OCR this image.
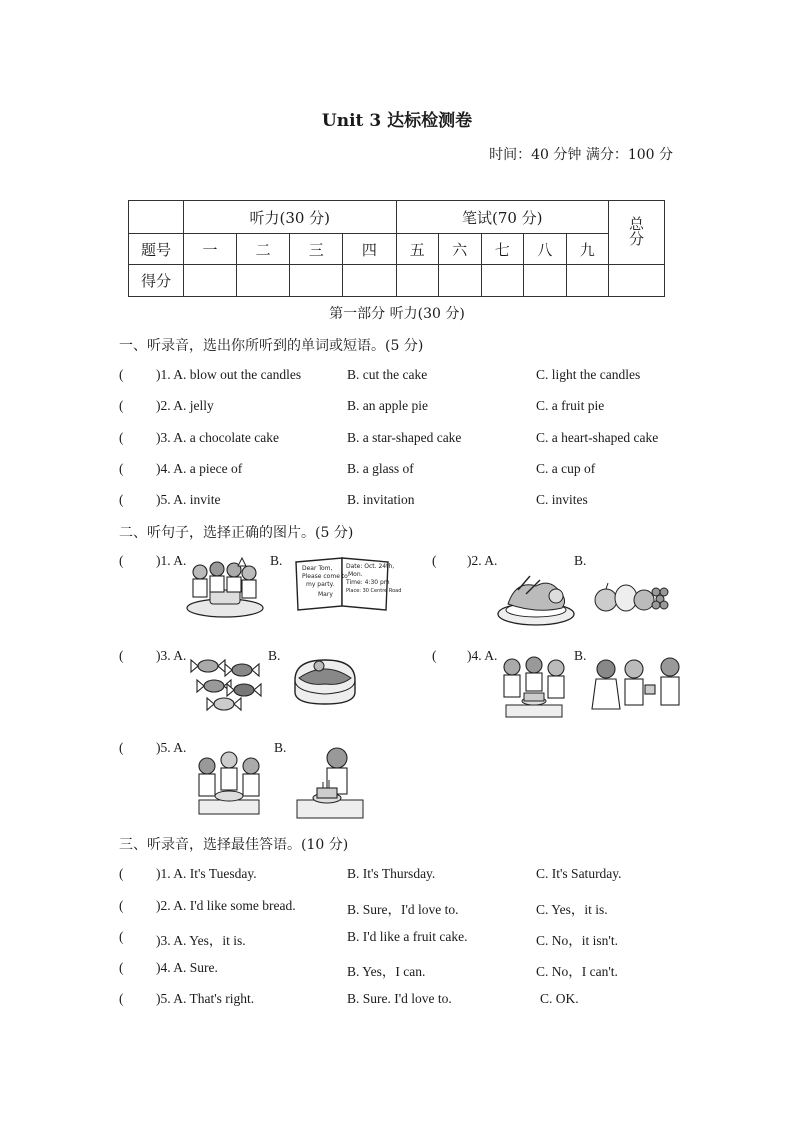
Unit 3 达标检测卷
时间：40 分钟 满分：100 分
	听力(30 分)				笔试(70 分)					总分
题号	一	二	三	四	五	六	七	八	九	
得分										
第一部分 听力(30 分)
一、听录音，选出你所听到的单词或短语。(5 分)
( )1. A. blow out the candles	B. cut the cake	C. light the candles
( )2. A. jelly	B. an apple pie	C. a fruit pie
( )3. A. a chocolate cake	B. a star-shaped cake	C. a heart-shaped cake
( )4. A. a piece of	B. a glass of	C. a cup of
( )5. A. invite	B. invitation	C. invites
二、听句子，选择正确的图片。(5 分)
( )1. A.	B.
Dear Tom,
Please come to
my party.
Mary
Date: Oct. 24th,
Mon.
Time: 4:30 pm
Place: 30 Centre Road
( )2. A.	B.
( )3. A.	B.	( )4. A.	B.
( )5. A.	B.
三、听录音，选择最佳答语。(10 分)
( )1. A. It's Tuesday.	B. It's Thursday.	C. It's Saturday.
( )2. A. I'd like some bread.	B. Sure，I'd love to.	C. Yes，it is.
( )3. A. Yes，it is.	B. I'd like a fruit cake.	C. No，it isn't.
( )4. A. Sure.	B. Yes，I can.	C. No，I can't.
( )5. A. That's right.	B. Sure. I'd love to.	C. OK.
